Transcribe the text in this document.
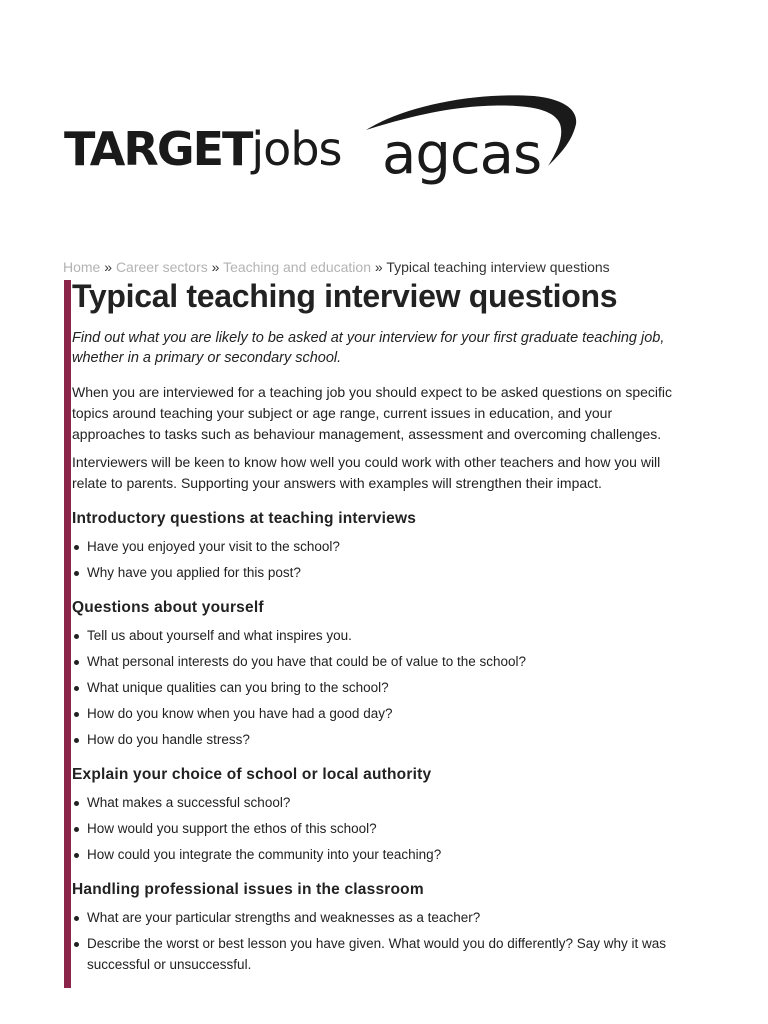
TARGETjobs agcas
Home » Career sectors » Teaching and education » Typical teaching interview questions
Typical teaching interview questions

Find out what you are likely to be asked at your interview for your first graduate teaching job, whether in a primary or secondary school.

When you are interviewed for a teaching job you should expect to be asked questions on specific topics around teaching your subject or age range, current issues in education, and your approaches to tasks such as behaviour management, assessment and overcoming challenges.

Interviewers will be keen to know how well you could work with other teachers and how you will relate to parents. Supporting your answers with examples will strengthen their impact.

Introductory questions at teaching interviews
Have you enjoyed your visit to the school?
Why have you applied for this post?
Questions about yourself
Tell us about yourself and what inspires you.
What personal interests do you have that could be of value to the school?
What unique qualities can you bring to the school?
How do you know when you have had a good day?
How do you handle stress?
Explain your choice of school or local authority
What makes a successful school?
How would you support the ethos of this school?
How could you integrate the community into your teaching?
Handling professional issues in the classroom
What are your particular strengths and weaknesses as a teacher?
Describe the worst or best lesson you have given. What would you do differently? Say why it was successful or unsuccessful.
